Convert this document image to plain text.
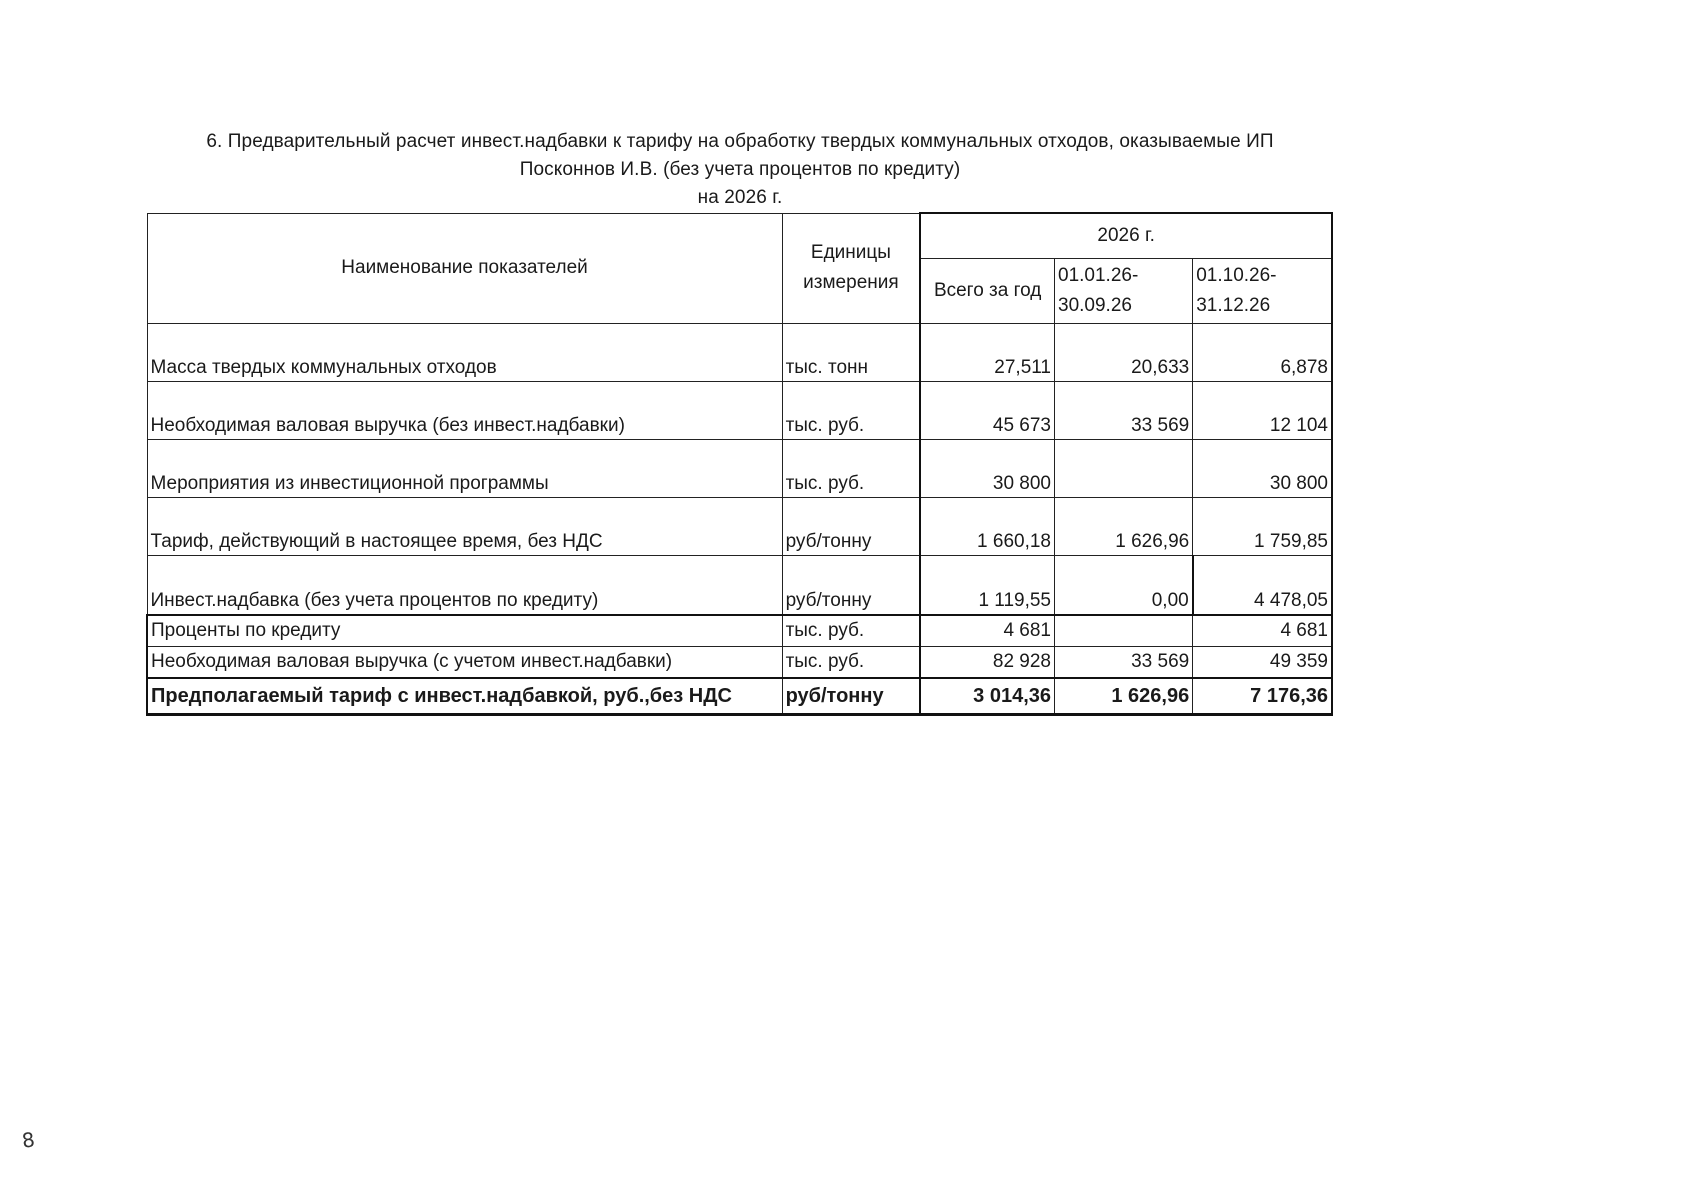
6. Предварительный расчет инвест.надбавки к тарифу на обработку твердых коммунальных отходов, оказываемые ИП
Посконнов И.В. (без учета процентов по кредиту)
на 2026 г.
Наименование показателей	Единицы измерения	2026 г.		
		Всего за год	01.01.26-30.09.26	01.10.26-31.12.26
Масса твердых коммунальных отходов	тыс. тонн	27,511	20,633	6,878
Необходимая валовая выручка (без инвест.надбавки)	тыс. руб.	45 673	33 569	12 104
Мероприятия из инвестиционной программы	тыс. руб.	30 800		30 800
Тариф, действующий в настоящее время, без НДС	руб/тонну	1 660,18	1 626,96	1 759,85
Инвест.надбавка (без учета процентов по кредиту)	руб/тонну	1 119,55	0,00	4 478,05
Проценты по кредиту	тыс. руб.	4 681		4 681
Необходимая валовая выручка (с учетом инвест.надбавки)	тыс. руб.	82 928	33 569	49 359
Предполагаемый тариф с инвест.надбавкой, руб.,без НДС	руб/тонну	3 014,36	1 626,96	7 176,36
8
